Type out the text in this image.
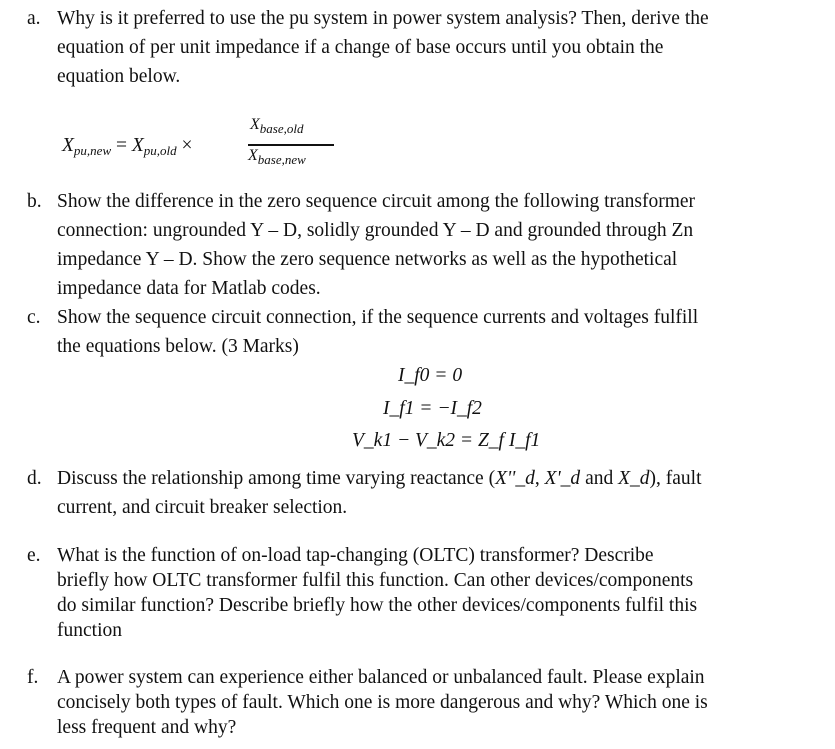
a. Why is it preferred to use the pu system in power system analysis? Then, derive the
equation of per unit impedance if a change of base occurs until you obtain the
equation below.
$X_{pu,new} = X_{pu,old}$ ×
$X_{base,old}$
$X_{base,new}$
b. Show the difference in the zero sequence circuit among the following transformer
connection: ungrounded Y – D, solidly grounded Y – D and grounded through Zn
impedance Y – D. Show the zero sequence networks as well as the hypothetical
impedance data for Matlab codes.
c. Show the sequence circuit connection, if the sequence currents and voltages fulfill
the equations below. (3 Marks)
I_f0 = 0
I_f1 = −I_f2
V_k1 − V_k2 = Z_f I_f1
d. Discuss the relationship among time varying reactance (X''_d, X'_d and X_d), fault
current, and circuit breaker selection.
e. What is the function of on-load tap-changing (OLTC) transformer? Describe
briefly how OLTC transformer fulfil this function. Can other devices/components
do similar function? Describe briefly how the other devices/components fulfil this
function
f. A power system can experience either balanced or unbalanced fault. Please explain
concisely both types of fault. Which one is more dangerous and why? Which one is
less frequent and why?
